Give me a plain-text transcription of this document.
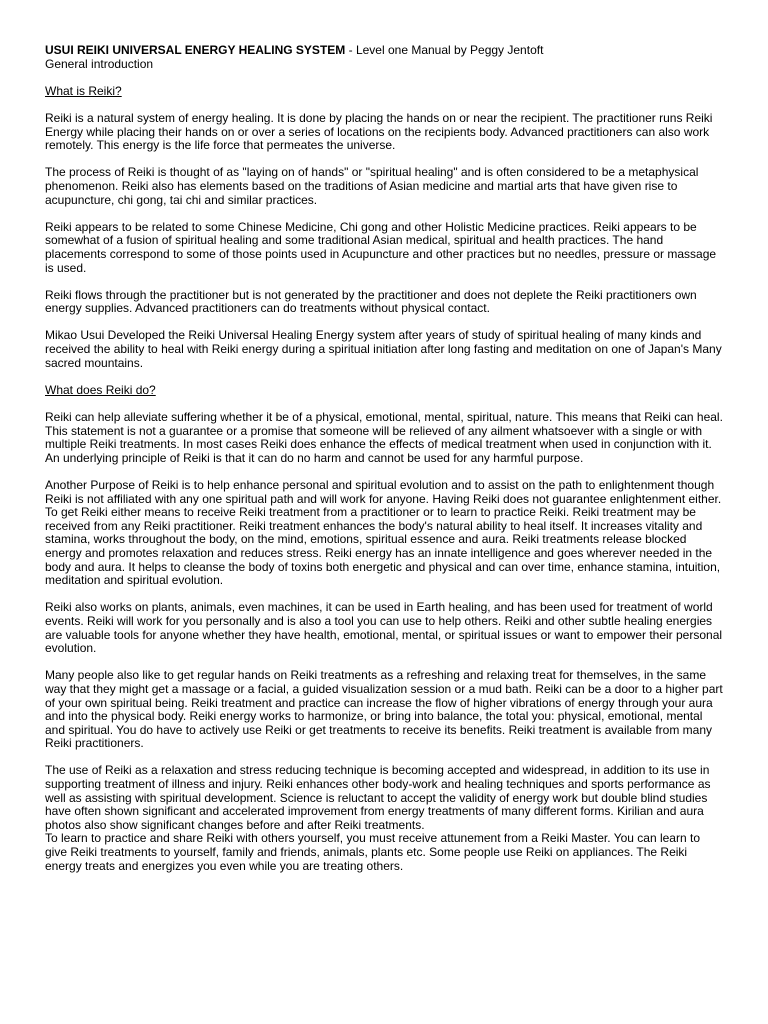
USUI REIKI UNIVERSAL ENERGY HEALING SYSTEM - Level one Manual by Peggy Jentoft

General introduction

What is Reiki?

Reiki is a natural system of energy healing. It is done by placing the hands on or near the recipient. The practitioner runs Reiki Energy while placing their hands on or over a series of locations on the recipients body. Advanced practitioners can also work remotely. This energy is the life force that permeates the universe.

The process of Reiki is thought of as "laying on of hands" or "spiritual healing" and is often considered to be a metaphysical phenomenon. Reiki also has elements based on the traditions of Asian medicine and martial arts that have given rise to acupuncture, chi gong, tai chi and similar practices.

Reiki appears to be related to some Chinese Medicine, Chi gong and other Holistic Medicine practices. Reiki appears to be somewhat of a fusion of spiritual healing and some traditional Asian medical, spiritual and health practices. The hand placements correspond to some of those points used in Acupuncture and other practices but no needles, pressure or massage is used.

Reiki flows through the practitioner but is not generated by the practitioner and does not deplete the Reiki practitioners own energy supplies. Advanced practitioners can do treatments without physical contact.

Mikao Usui Developed the Reiki Universal Healing Energy system after years of study of spiritual healing of many kinds and received the ability to heal with Reiki energy during a spiritual initiation after long fasting and meditation on one of Japan's Many sacred mountains.

What does Reiki do?

Reiki can help alleviate suffering whether it be of a physical, emotional, mental, spiritual, nature. This means that Reiki can heal. This statement is not a guarantee or a promise that someone will be relieved of any ailment whatsoever with a single or with multiple Reiki treatments. In most cases Reiki does enhance the effects of medical treatment when used in conjunction with it. An underlying principle of Reiki is that it can do no harm and cannot be used for any harmful purpose.

Another Purpose of Reiki is to help enhance personal and spiritual evolution and to assist on the path to enlightenment though Reiki is not affiliated with any one spiritual path and will work for anyone. Having Reiki does not guarantee enlightenment either. To get Reiki either means to receive Reiki treatment from a practitioner or to learn to practice Reiki. Reiki treatment may be received from any Reiki practitioner. Reiki treatment enhances the body's natural ability to heal itself. It increases vitality and stamina, works throughout the body, on the mind, emotions, spiritual essence and aura. Reiki treatments release blocked energy and promotes relaxation and reduces stress. Reiki energy has an innate intelligence and goes wherever needed in the body and aura. It helps to cleanse the body of toxins both energetic and physical and can over time, enhance stamina, intuition, meditation and spiritual evolution.

Reiki also works on plants, animals, even machines, it can be used in Earth healing, and has been used for treatment of world events. Reiki will work for you personally and is also a tool you can use to help others. Reiki and other subtle healing energies are valuable tools for anyone whether they have health, emotional, mental, or spiritual issues or want to empower their personal evolution.

Many people also like to get regular hands on Reiki treatments as a refreshing and relaxing treat for themselves, in the same way that they might get a massage or a facial, a guided visualization session or a mud bath. Reiki can be a door to a higher part of your own spiritual being. Reiki treatment and practice can increase the flow of higher vibrations of energy through your aura and into the physical body. Reiki energy works to harmonize, or bring into balance, the total you: physical, emotional, mental and spiritual. You do have to actively use Reiki or get treatments to receive its benefits. Reiki treatment is available from many Reiki practitioners.

The use of Reiki as a relaxation and stress reducing technique is becoming accepted and widespread, in addition to its use in supporting treatment of illness and injury. Reiki enhances other body-work and healing techniques and sports performance as well as assisting with spiritual development. Science is reluctant to accept the validity of energy work but double blind studies have often shown significant and accelerated improvement from energy treatments of many different forms. Kirilian and aura photos also show significant changes before and after Reiki treatments.

To learn to practice and share Reiki with others yourself, you must receive attunement from a Reiki Master. You can learn to give Reiki treatments to yourself, family and friends, animals, plants etc. Some people use Reiki on appliances. The Reiki energy treats and energizes you even while you are treating others.
